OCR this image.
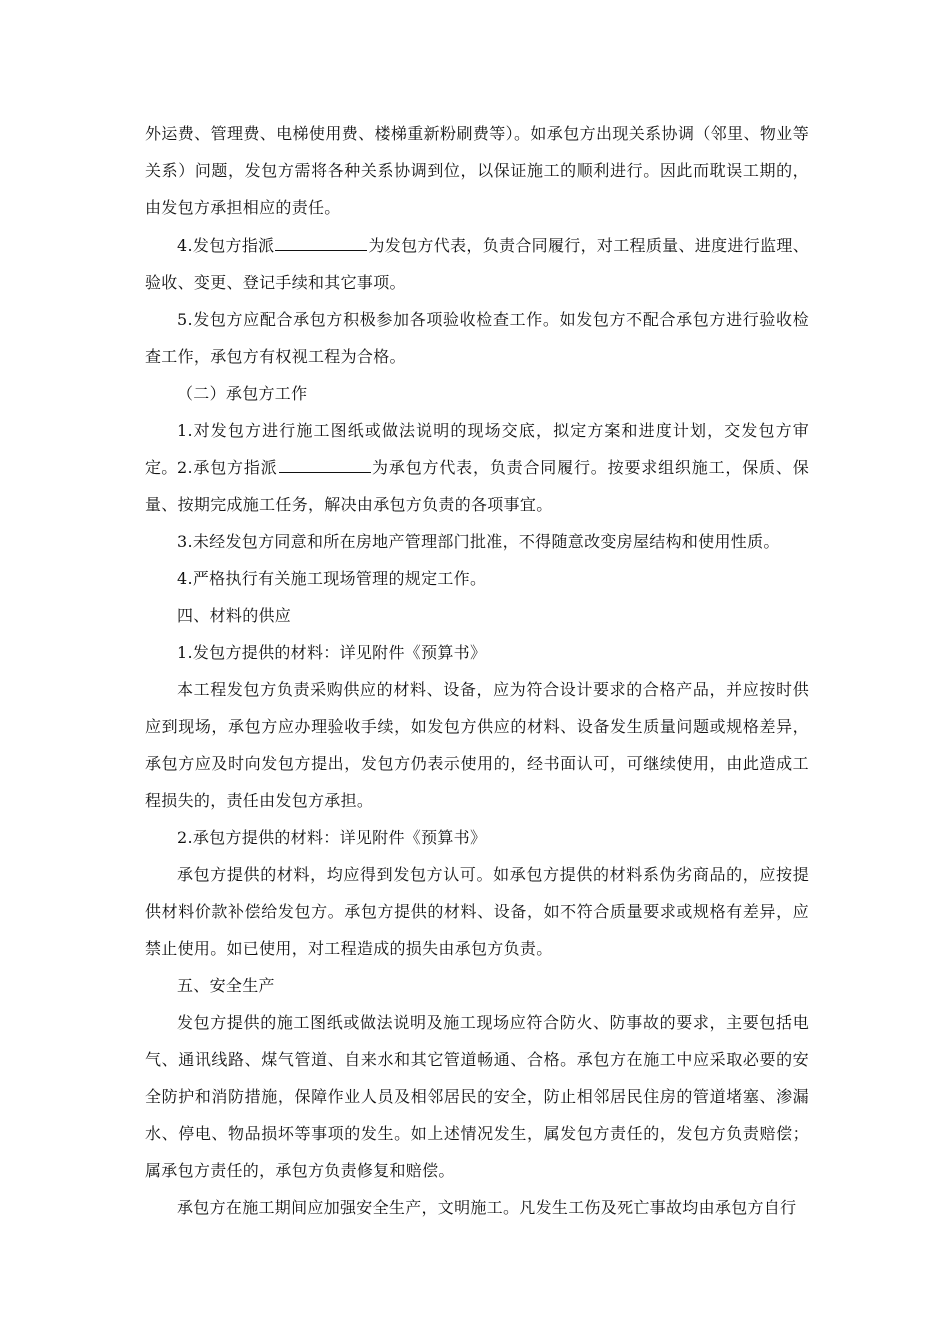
外运费、管理费、电梯使用费、楼梯重新粉刷费等）。如承包方出现关系协调（邻里、物业等关系）问题，发包方需将各种关系协调到位，以保证施工的顺利进行。因此而耽误工期的，由发包方承担相应的责任。

4.发包方指派	为发包方代表，负责合同履行，对工程质量、进度进行监理、验收、变更、登记手续和其它事项。

5.发包方应配合承包方积极参加各项验收检查工作。如发包方不配合承包方进行验收检查工作，承包方有权视工程为合格。

（二）承包方工作

1.对发包方进行施工图纸或做法说明的现场交底，拟定方案和进度计划，交发包方审定。 2.承包方指派	为承包方代表，负责合同履行。按要求组织施工，保质、保量、按期完成施工任务，解决由承包方负责的各项事宜。

3.未经发包方同意和所在房地产管理部门批准，不得随意改变房屋结构和使用性质。

4.严格执行有关施工现场管理的规定工作。

四、材料的供应

1.发包方提供的材料：详见附件《预算书》

本工程发包方负责采购供应的材料、设备，应为符合设计要求的合格产品，并应按时供应到现场，承包方应办理验收手续，如发包方供应的材料、设备发生质量问题或规格差异，承包方应及时向发包方提出，发包方仍表示使用的，经书面认可，可继续使用，由此造成工程损失的，责任由发包方承担。

2.承包方提供的材料：详见附件《预算书》

承包方提供的材料，均应得到发包方认可。如承包方提供的材料系伪劣商品的，应按提供材料价款补偿给发包方。承包方提供的材料、设备，如不符合质量要求或规格有差异，应禁止使用。如已使用，对工程造成的损失由承包方负责。

五、安全生产

发包方提供的施工图纸或做法说明及施工现场应符合防火、防事故的要求，主要包括电气、通讯线路、煤气管道、自来水和其它管道畅通、合格。承包方在施工中应采取必要的安全防护和消防措施，保障作业人员及相邻居民的安全，防止相邻居民住房的管道堵塞、渗漏水、停电、物品损坏等事项的发生。如上述情况发生，属发包方责任的，发包方负责赔偿；属承包方责任的，承包方负责修复和赔偿。

承包方在施工期间应加强安全生产，文明施工。凡发生工伤及死亡事故均由承包方自行
